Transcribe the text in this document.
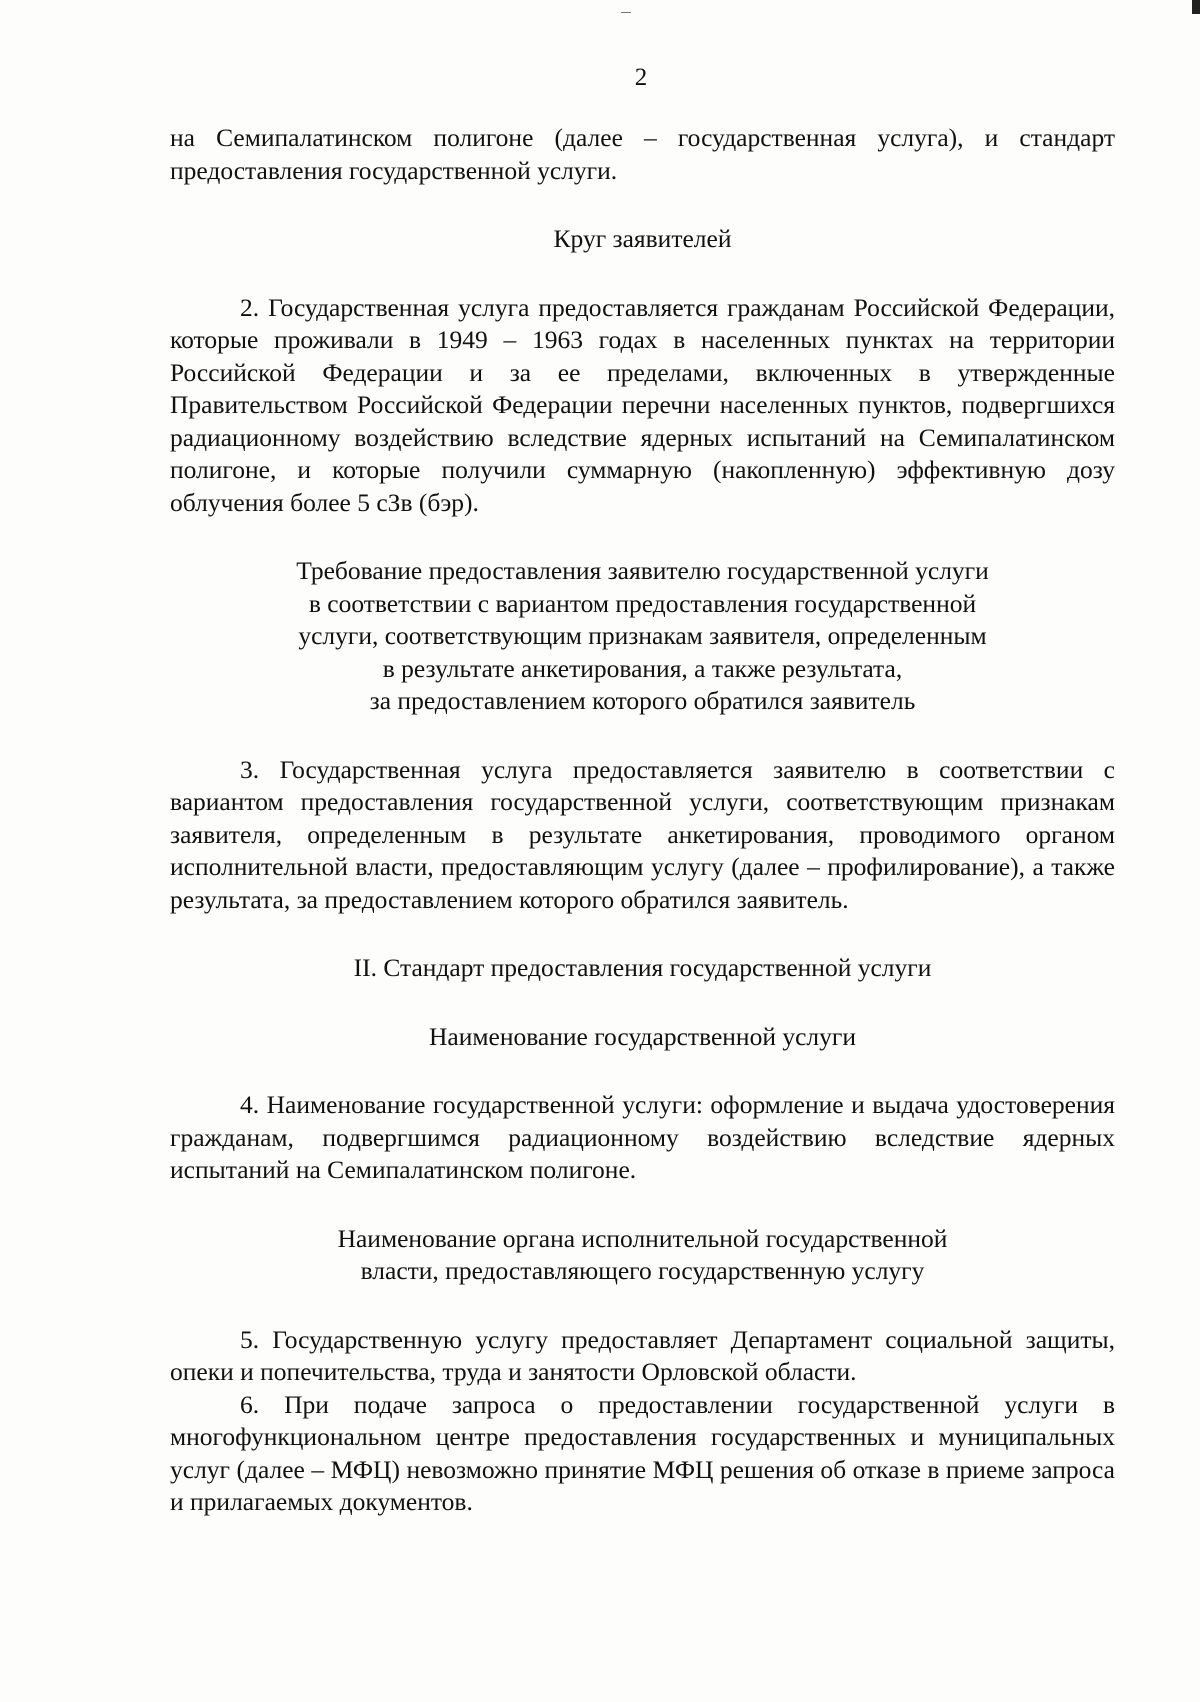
2

на Семипалатинском полигоне (далее – государственная услуга), и стандарт предоставления государственной услуги.

Круг заявителей

2. Государственная услуга предоставляется гражданам Российской Федерации, которые проживали в 1949 – 1963 годах в населенных пунктах на территории Российской Федерации и за ее пределами, включенных в утвержденные Правительством Российской Федерации перечни населенных пунктов, подвергшихся радиационному воздействию вследствие ядерных испытаний на Семипалатинском полигоне, и которые получили суммарную (накопленную) эффективную дозу облучения более 5 сЗв (бэр).

Требование предоставления заявителю государственной услуги
в соответствии с вариантом предоставления государственной
услуги, соответствующим признакам заявителя, определенным
в результате анкетирования, а также результата,
за предоставлением которого обратился заявитель

3. Государственная услуга предоставляется заявителю в соответствии с вариантом предоставления государственной услуги, соответствующим признакам заявителя, определенным в результате анкетирования, проводимого органом исполнительной власти, предоставляющим услугу (далее – профилирование), а также результата, за предоставлением которого обратился заявитель.

II. Стандарт предоставления государственной услуги

Наименование государственной услуги

4. Наименование государственной услуги: оформление и выдача удостоверения гражданам, подвергшимся радиационному воздействию вследствие ядерных испытаний на Семипалатинском полигоне.

Наименование органа исполнительной государственной
власти, предоставляющего государственную услугу

5. Государственную услугу предоставляет Департамент социальной защиты, опеки и попечительства, труда и занятости Орловской области.

6. При подаче запроса о предоставлении государственной услуги в многофункциональном центре предоставления государственных и муниципальных услуг (далее – МФЦ) невозможно принятие МФЦ решения об отказе в приеме запроса и прилагаемых документов.
